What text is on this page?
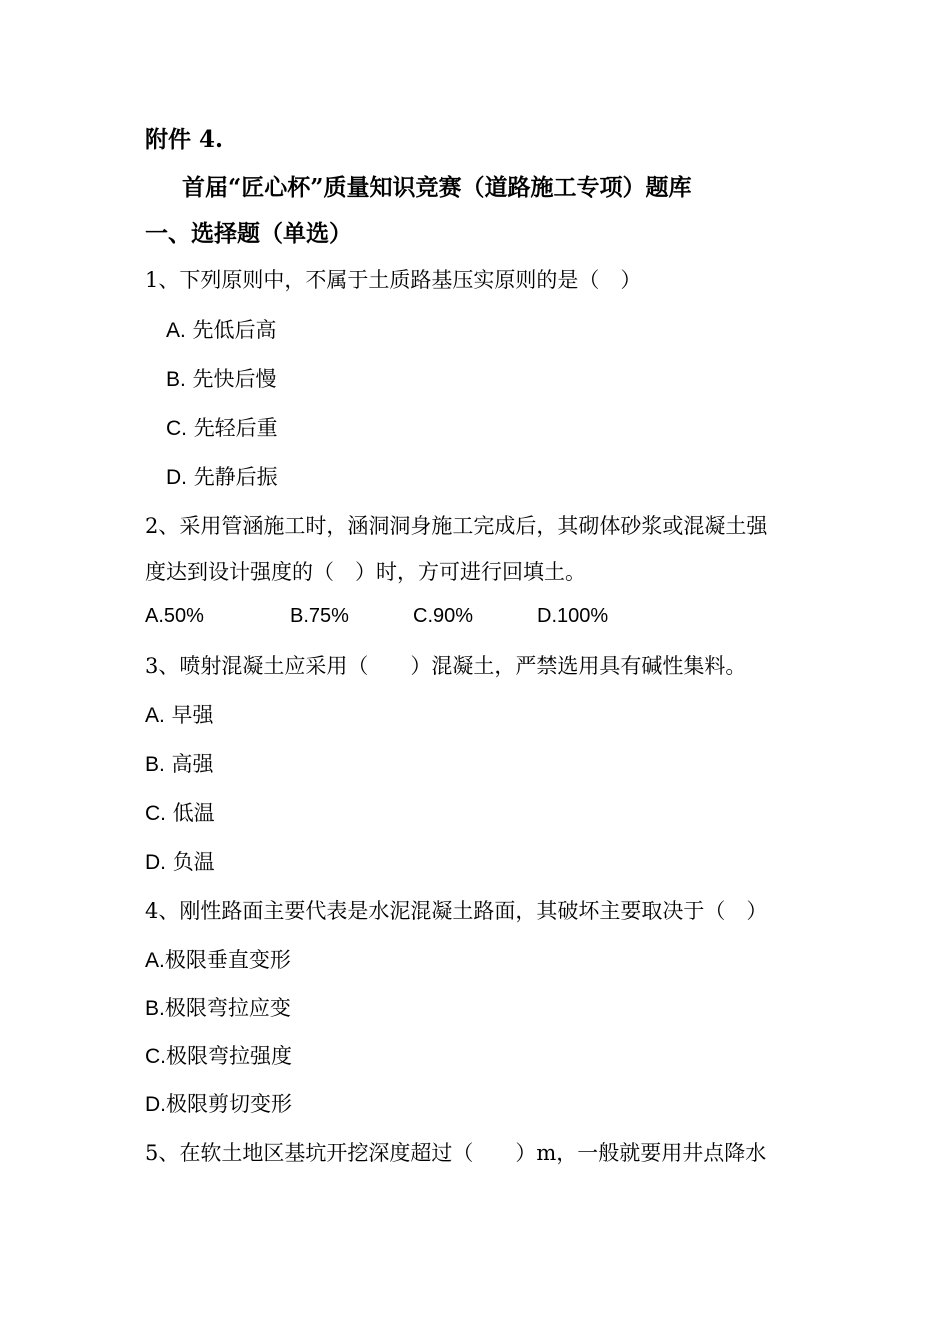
附件 4.
首届“匠心杯”质量知识竞赛（道路施工专项）题库
一、选择题（单选）
1、下列原则中，不属于土质路基压实原则的是（　）
A. 先低后高
B. 先快后慢
C. 先轻后重
D. 先静后振
2、采用管涵施工时，涵洞洞身施工完成后，其砌体砂浆或混凝土强
度达到设计强度的（　）时，方可进行回填土。
A.50%	B.75%	C.90%	D.100%
3、喷射混凝土应采用（　　）混凝土，严禁选用具有碱性集料。
A. 早强
B. 高强
C. 低温
D. 负温
4、刚性路面主要代表是水泥混凝土路面，其破坏主要取决于（　）
A.极限垂直变形
B.极限弯拉应变
C.极限弯拉强度
D.极限剪切变形
5、在软土地区基坑开挖深度超过（　　）m，一般就要用井点降水
